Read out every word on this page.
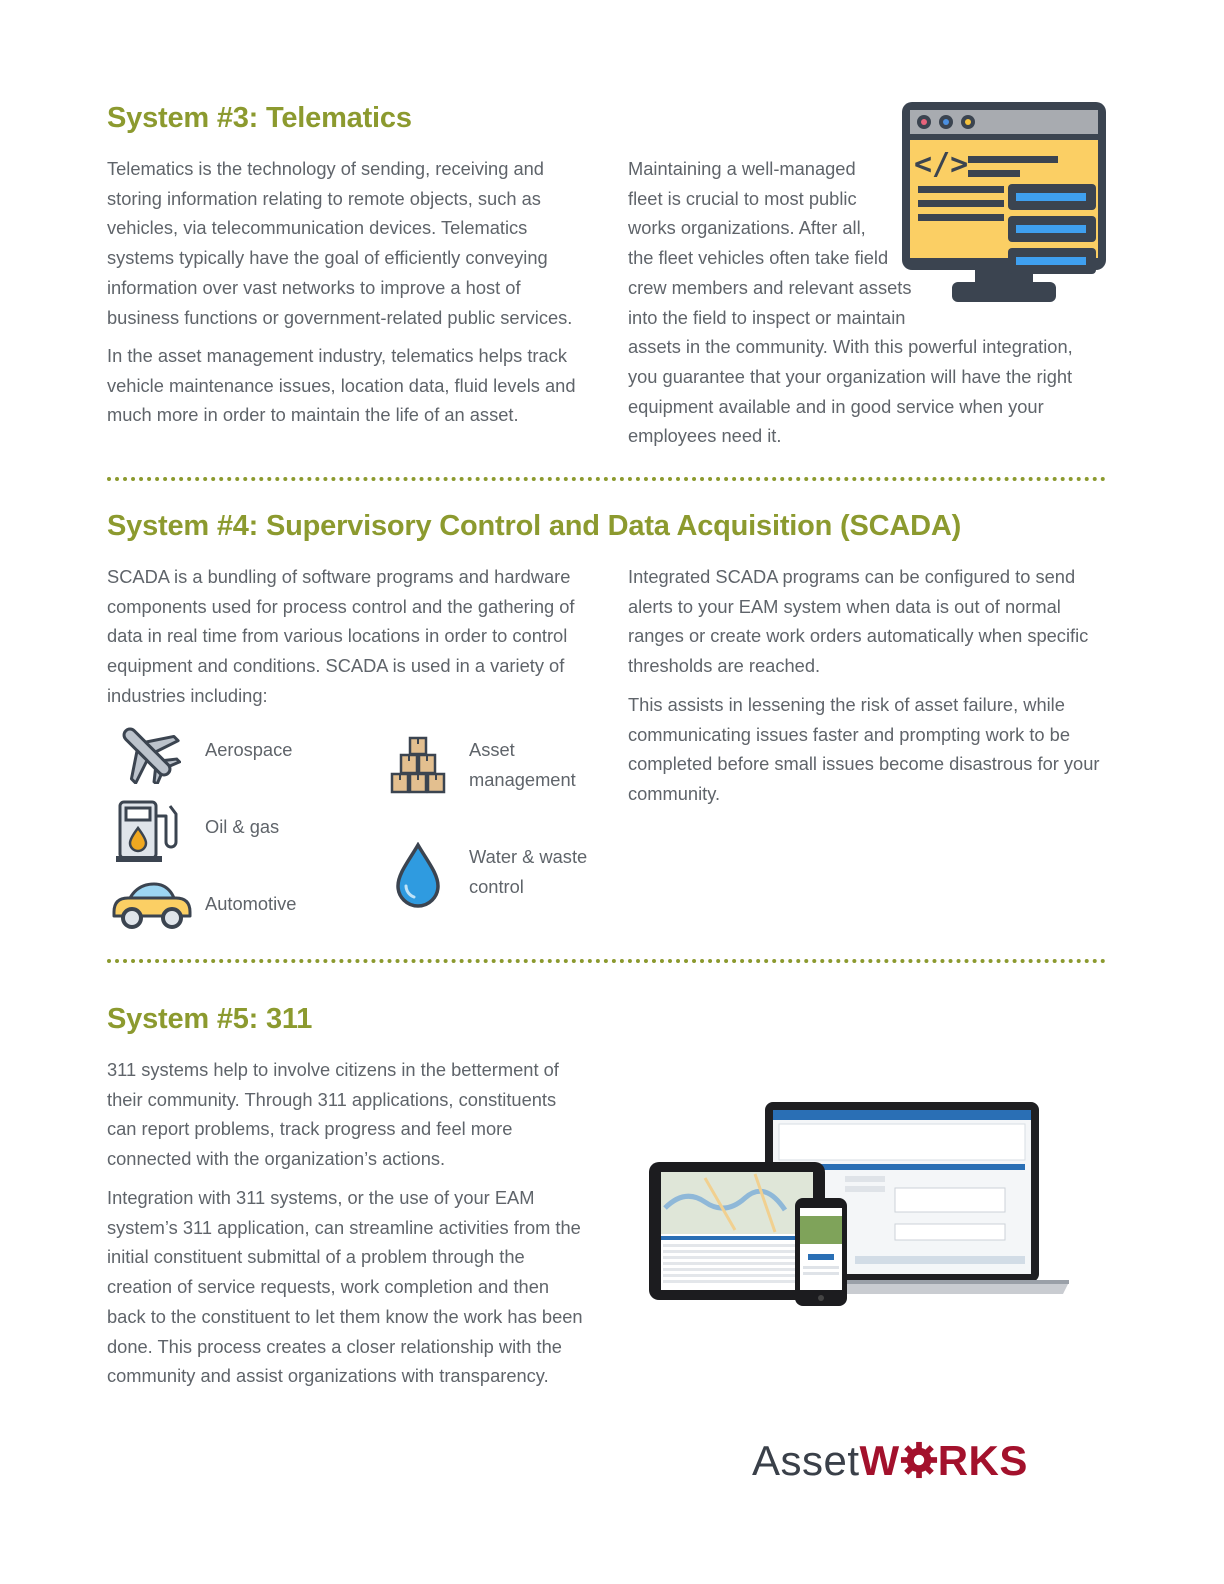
System #3: Telematics
Telematics is the technology of sending, receiving and storing information relating to remote objects, such as vehicles, via telecommunication devices. Telematics systems typically have the goal of efficiently conveying information over vast networks to improve a host of business functions or government-related public services.
In the asset management industry, telematics helps track vehicle maintenance issues, location data, fluid levels and much more in order to maintain the life of an asset.
Maintaining a well-managed
fleet is crucial to most public
works organizations. After all,
the fleet vehicles often take field
crew members and relevant assets
into the field to inspect or maintain
assets in the community. With this powerful integration,
you guarantee that your organization will have the right
equipment available and in good service when your
employees need it.
</>
System #4: Supervisory Control and Data Acquisition (SCADA)
SCADA is a bundling of software programs and hardware components used for process control and the gathering of data in real time from various locations in order to control equipment and conditions. SCADA is used in a variety of industries including:
Integrated SCADA programs can be configured to send alerts to your EAM system when data is out of normal ranges or create work orders automatically when specific thresholds are reached.
This assists in lessening the risk of asset failure, while communicating issues faster and prompting work to be completed before small issues become disastrous for your community.
Aerospace
Oil & gas
Automotive
Asset
management
Water & waste
control
System #5: 311
311 systems help to involve citizens in the betterment of their community. Through 311 applications, constituents can report problems, track progress and feel more connected with the organization’s actions.
Integration with 311 systems, or the use of your EAM system’s 311 application, can streamline activities from the initial constituent submittal of a problem through the creation of service requests, work completion and then back to the constituent to let them know the work has been done. This process creates a closer relationship with the community and assist organizations with transparency.
AssetW RKS
